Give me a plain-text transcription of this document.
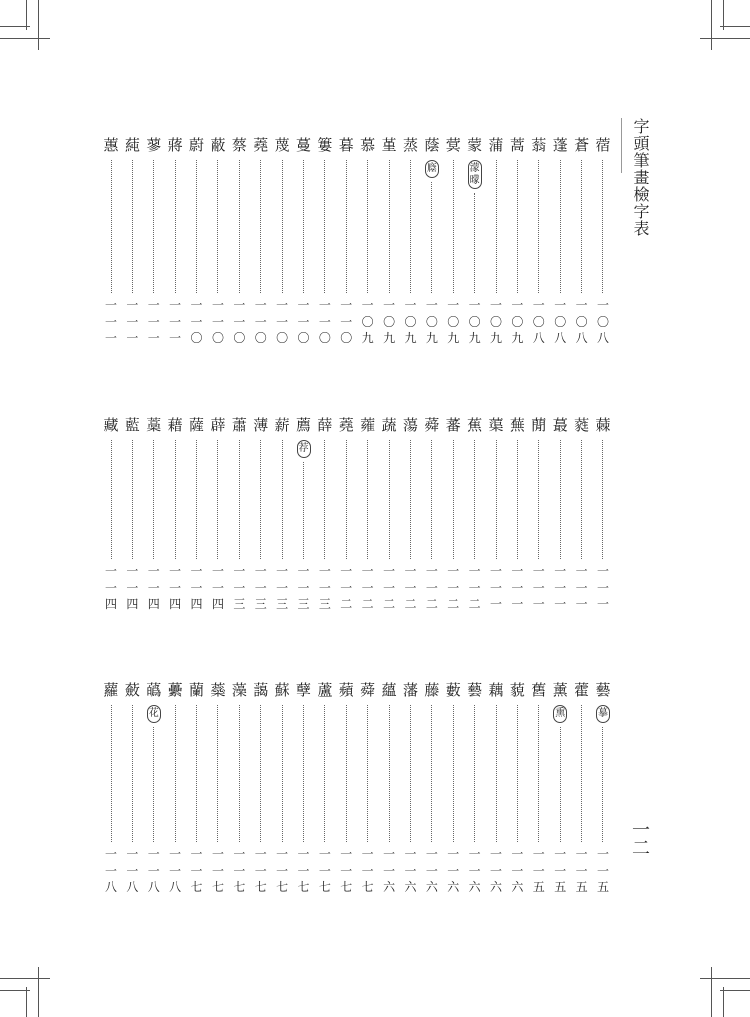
字頭筆畫檢字表
一二
蓿
一
〇
八
蒼
一
〇
八
蓬
一
〇
八
蓊
一
〇
八
蒿
一
〇
九
蒲
一
〇
九
蒙
濛
曚
一
〇
九
蓂
一
〇
九
蔭
廕
一
〇
九
蒸
一
〇
九
堇
一
〇
九
慕
一
〇
九
暮
一
一
〇
簍
一
一
〇
蔓
一
一
〇
蔑
一
一
〇
蕘
一
一
〇
蔡
一
一
〇
蔽
一
一
〇
蔚
一
一
〇
蔣
一
一
一
蓼
一
一
一
蒓
一
一
一
蕙
一
一
一
蕀
一
一
一
蕤
一
一
一
蕞
一
一
一
蕑
一
一
一
蕪
一
一
一
蕖
一
一
一
蕉
一
一
二
蕃
一
一
二
蕣
一
一
二
蕩
一
一
二
蔬
一
一
二
蕹
一
一
二
蕘
一
一
二
薛
一
一
三
薦
荐
一
一
三
薪
一
一
三
薄
一
一
三
蕭
一
一
三
薜
一
一
四
薩
一
一
四
藉
一
一
四
藁
一
一
四
藍
一
一
四
藏
一
一
四
藝
摹
一
一
五
藿
一
一
五
薰
熏
一
一
五
舊
一
一
五
藐
一
一
六
藕
一
一
六
藝
一
一
六
藪
一
一
六
藤
一
一
六
藩
一
一
六
蘊
一
一
六
蕣
一
一
七
蘋
一
一
七
蘆
一
一
七
孽
一
一
七
蘇
一
一
七
藹
一
一
七
藻
一
一
七
蘂
一
一
七
蘭
一
一
七
虆
一
一
八
蘤
花
一
一
八
蘞
一
一
八
蘿
一
一
八
